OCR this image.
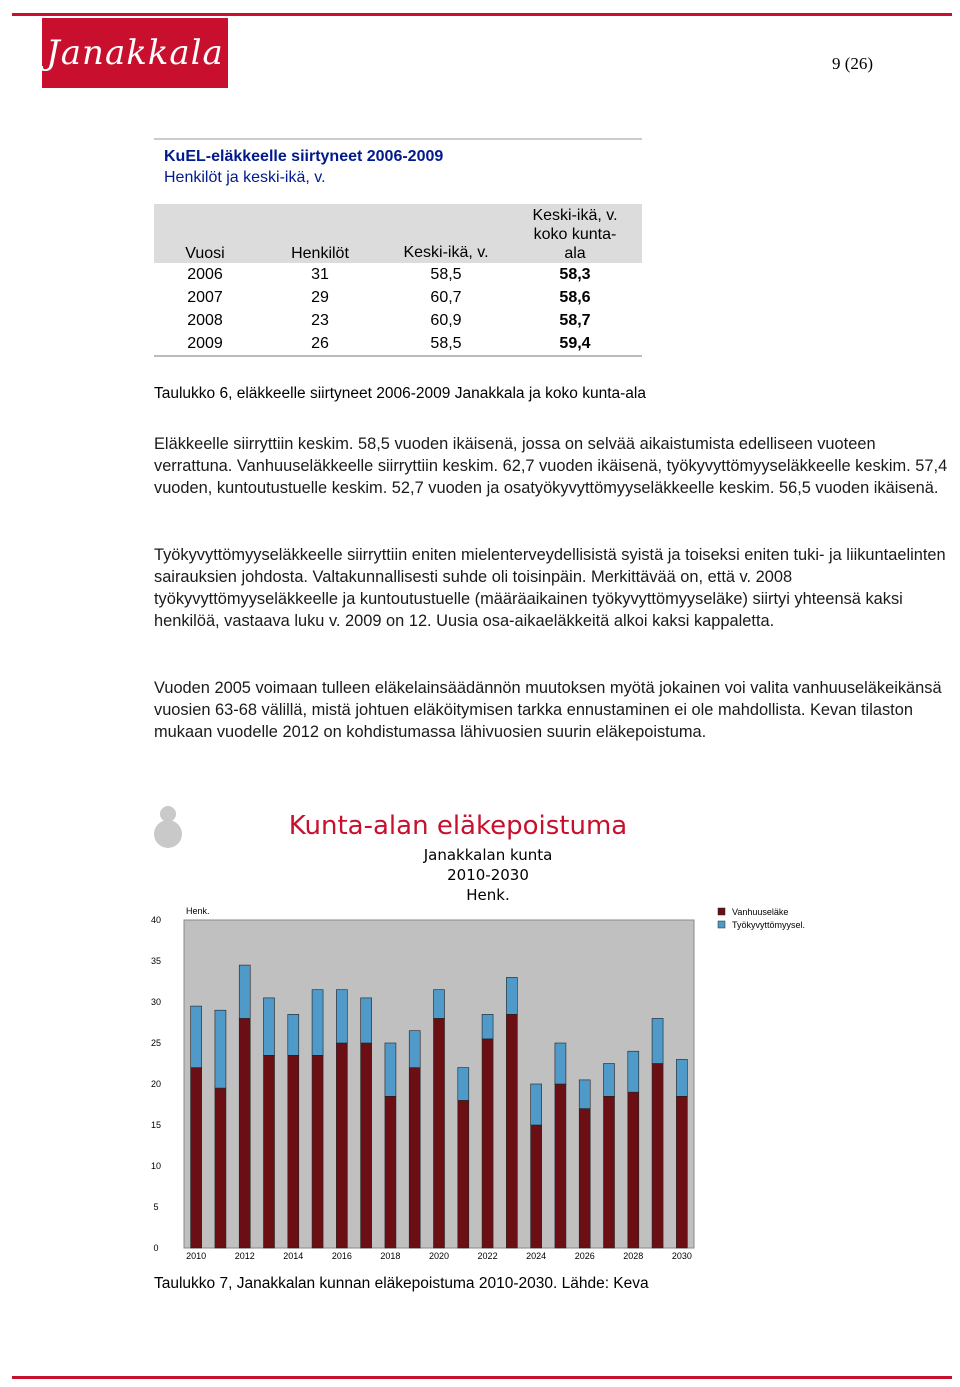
Janakkala	9 (26)
KuEL-eläkkeelle siirtyneet 2006-2009
Henkilöt ja keski-ikä, v.
Vuosi	Henkilöt	Keski-ikä, v.	Keski-ikä, v.
koko kunta-
ala
2006	31	58,5	58,3
2007	29	60,7	58,6
2008	23	60,9	58,7
2009	26	58,5	59,4

Taulukko 6, eläkkeelle siirtyneet 2006-2009 Janakkala ja koko kunta-ala

Eläkkeelle siirryttiin keskim. 58,5 vuoden ikäisenä, jossa on selvää aikaistumista edelliseen vuoteen verrattuna. Vanhuuseläkkeelle siirryttiin keskim. 62,7 vuoden ikäisenä, työkyvyttömyyseläkkeelle keskim. 57,4 vuoden, kuntoutustuelle keskim. 52,7 vuoden ja osatyökyvyttömyyseläkkeelle keskim. 56,5 vuoden ikäisenä.

Työkyvyttömyyseläkkeelle siirryttiin eniten mielenterveydellisistä syistä ja toiseksi eniten tuki- ja liikuntaelinten sairauksien johdosta. Valtakunnallisesti suhde oli toisinpäin. Merkittävää on, että v. 2008 työkyvyttömyyseläkkeelle ja kuntoutustuelle (määräaikainen työkyvyttömyyseläke) siirtyi yhteensä kaksi henkilöä, vastaava luku v. 2009 on 12. Uusia osa-aikaeläkkeitä alkoi kaksi kappaletta.

Vuoden 2005 voimaan tulleen eläkelainsäädännön muutoksen myötä jokainen voi valita vanhuuseläkeikänsä vuosien 63-68 välillä, mistä johtuen eläköitymisen tarkka ennustaminen ei ole mahdollista. Kevan tilaston mukaan vuodelle 2012 on kohdistumassa lähivuosien suurin eläkepoistuma.

Kunta-alan eläkepoistuma
Janakkalan kunta
2010-2030
Henk.
Henk.
0
5
10
15
20
25
30
35
40
2010	2012	2014	2016	2018	2020	2022	2024	2026	2028	2030
Vanhuuseläke
Työkyvyttömyysel.

Taulukko 7, Janakkalan kunnan eläkepoistuma 2010-2030. Lähde: Keva
